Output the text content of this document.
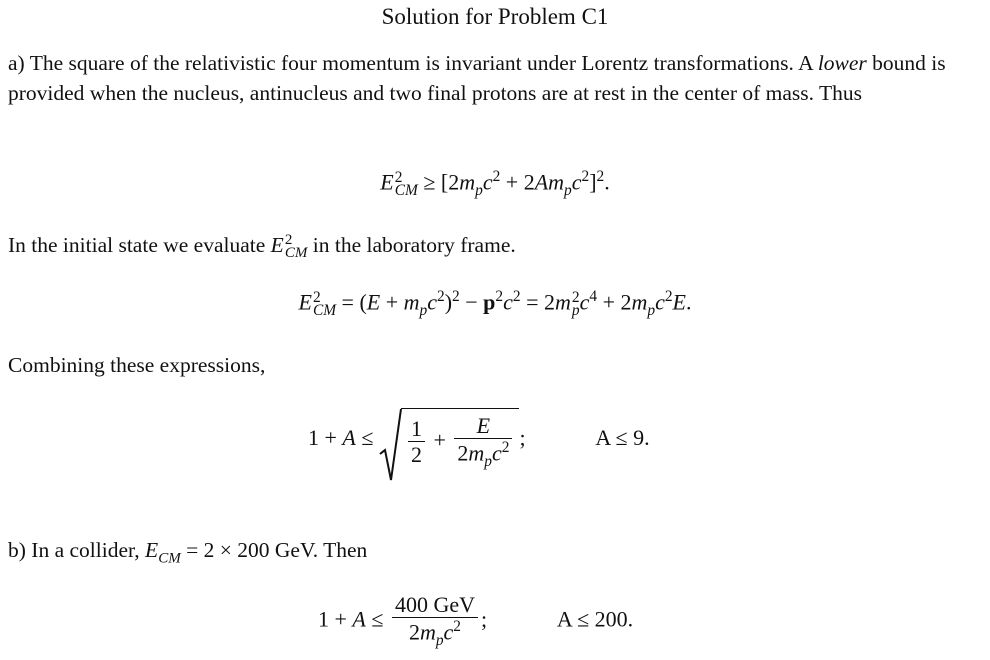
Solution for Problem C1
a) The square of the relativistic four momentum is invariant under Lorentz transformations. A lower bound is provided when the nucleus, antinucleus and two final protons are at rest in the center of mass. Thus
E 2
CM ≥ $[2m_pc^2 + 2Am_pc^2]^2$.
In the initial state we evaluate E 2
CM in the laboratory frame.
E 2
CM = $(E + m_pc^2)^2 - p^2c^2 = 2m$ 2
p $c^4 + 2m_pc^2E$.
Combining these expressions,
$1 + A \le \frac{1}{2} + \frac{E}{2m_pc^2}$ ;	A ≤ 9.
b) In a collider, $E_{CM} = 2 \times 200$ GeV. Then
$1 + A \le \frac{\text{400 GeV}}{2m_pc^2}$ ;	A ≤ 200.
